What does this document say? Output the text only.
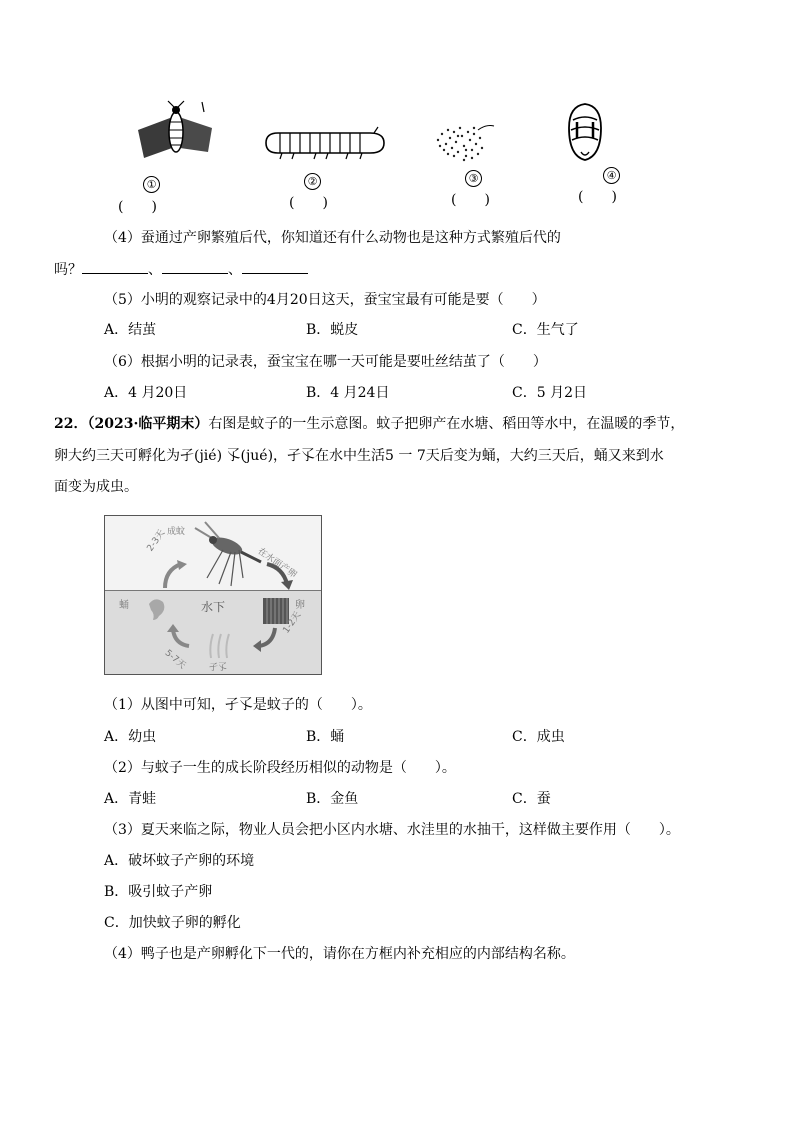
①
(　　)
②
(　　)
③
(　　)
④
(　　)
（4）蚕通过产卵繁殖后代，你知道还有什么动物也是这种方式繁殖后代的
吗？	、	、
（5）小明的观察记录中的4月20日这天，蚕宝宝最有可能是要（　　）
A．结茧	B．蜕皮	C．生气了
（6）根据小明的记录表，蚕宝宝在哪一天可能是要吐丝结茧了（　　）
A．4 月20日	B．4 月24日	C．5 月2日
22．（2023·临平期末）右图是蚊子的一生示意图。蚊子把卵产在水塘、稻田等水中，在温暖的季节，
卵大约三天可孵化为孑(jié) 孓(jué)，孑孓在水中生活5 一 7天后变为蛹，大约三天后，蛹又来到水
面变为成虫。
成蚊
在水面产卵
2-3天
蛹	卵
水下
5-7天
1-2天
孑孓
（1）从图中可知，孑孓是蚊子的（　　）。
A．幼虫	B．蛹	C．成虫
（2）与蚊子一生的成长阶段经历相似的动物是（　　）。
A．青蛙	B．金鱼	C．蚕
（3）夏天来临之际，物业人员会把小区内水塘、水洼里的水抽干，这样做主要作用（　　）。
A．破坏蚊子产卵的环境
B．吸引蚊子产卵
C．加快蚊子卵的孵化
（4）鸭子也是产卵孵化下一代的，请你在方框内补充相应的内部结构名称。
